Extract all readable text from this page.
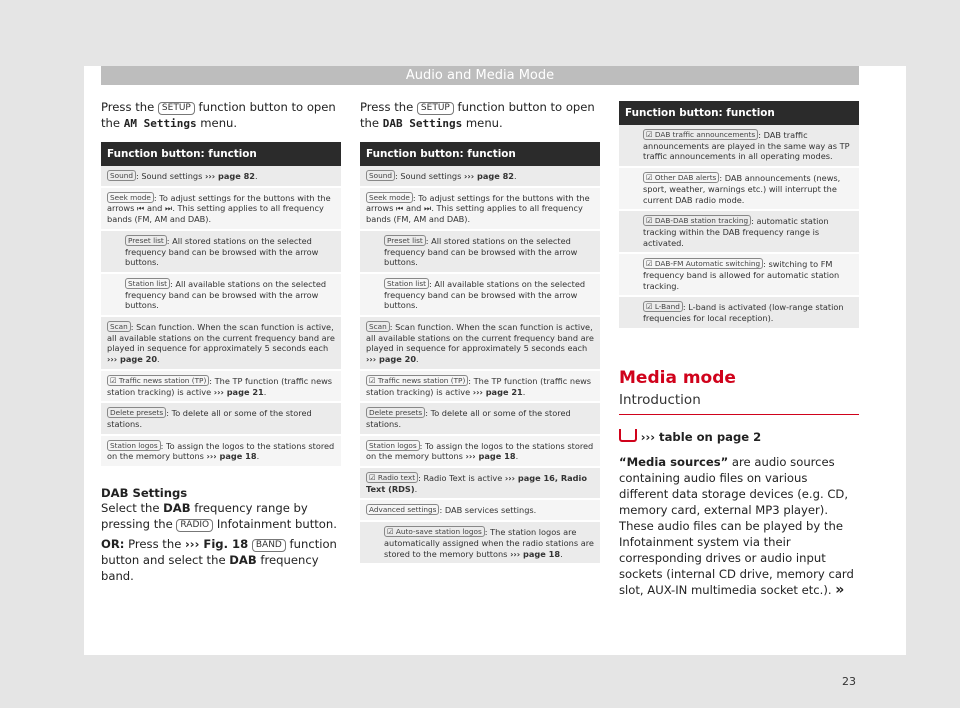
Audio and Media Mode

Press the SETUP function button to open the AM Settings menu.

Function button: function
Sound : Sound settings ››› page 82.
Seek mode : To adjust settings for the buttons with the arrows ⏮ and ⏭. This setting applies to all frequency bands (FM, AM and DAB).
Preset list : All stored stations on the selected frequency band can be browsed with the arrow buttons.
Station list : All available stations on the selected frequency band can be browsed with the arrow buttons.
Scan : Scan function. When the scan function is active, all available stations on the current frequency band are played in sequence for approximately 5 seconds each ››› page 20.
☑ Traffic news station (TP) : The TP function (traffic news station tracking) is active ››› page 21.
Delete presets : To delete all or some of the stored stations.
Station logos : To assign the logos to the stations stored on the memory buttons ››› page 18.
DAB Settings
Select the DAB frequency range by pressing the RADIO Infotainment button.
OR: Press the ››› Fig. 18 BAND function button and select the DAB frequency band.

Press the SETUP function button to open the DAB Settings menu.

Function button: function
Sound : Sound settings ››› page 82.
Seek mode : To adjust settings for the buttons with the arrows ⏮ and ⏭. This setting applies to all frequency bands (FM, AM and DAB).
Preset list : All stored stations on the selected frequency band can be browsed with the arrow buttons.
Station list : All available stations on the selected frequency band can be browsed with the arrow buttons.
Scan : Scan function. When the scan function is active, all available stations on the current frequency band are played in sequence for approximately 5 seconds each ››› page 20.
☑ Traffic news station (TP) : The TP function (traffic news station tracking) is active ››› page 21.
Delete presets : To delete all or some of the stored stations.
Station logos : To assign the logos to the stations stored on the memory buttons ››› page 18.
☑ Radio text : Radio Text is active ››› page 16, Radio Text (RDS).
Advanced settings : DAB services settings.
☑ Auto-save station logos : The station logos are automatically assigned when the radio stations are stored to the memory buttons ››› page 18.
Function button: function
☑ DAB traffic announcements : DAB traffic announcements are played in the same way as TP traffic announcements in all operating modes.
☑ Other DAB alerts : DAB announcements (news, sport, weather, warnings etc.) will interrupt the current DAB radio mode.
☑ DAB-DAB station tracking : automatic station tracking within the DAB frequency range is activated.
☑ DAB-FM Automatic switching : switching to FM frequency band is allowed for automatic station tracking.
☑ L-Band : L-band is activated (low-range station frequencies for local reception).
Media mode
Introduction
››› table on page 2
“Media sources” are audio sources containing audio files on various different data storage devices (e.g. CD, memory card, external MP3 player). These audio files can be played by the Infotainment system via their corresponding drives or audio input sockets (internal CD drive, memory card slot, AUX-IN multimedia socket etc.). »
23
